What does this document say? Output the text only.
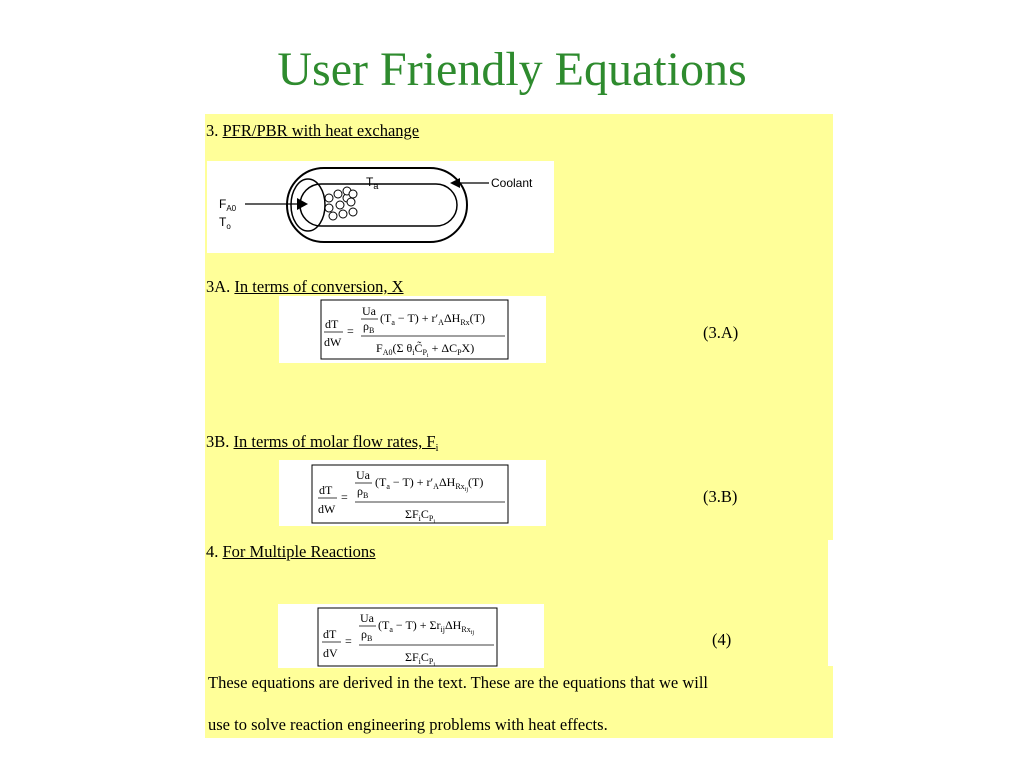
User Friendly Equations
3. PFR/PBR with heat exchange
$T_a$	Coolant
$F_{A0}$
$T_o$
3A. In terms of conversion, X
dT
dW
=
Ua
$\rho_B$
$(T_a - T) + r'_A\Delta H_{Rx}(T)$
$F_{A0}(\Sigma$ $\theta_iC̃_Pi + \Delta C_PX$)
(3.A)
3B. In terms of molar flow rates, $F_i$
dT
dW
=
Ua
$\rho_B$
$(T_a - T) + r'_A\Delta H_{Rx}ij(T)$
$\Sigma F_iC_Pi$
(3.B)
4. For Multiple Reactions
dT
dV
=
Ua
$\rho_B$
$(T_a - T) + \Sigma r_{ij}\Delta H_{Rx}ij$
$\Sigma F_iC_Pi$
(4)
These equations are derived in the text. These are the equations that we will
use to solve reaction engineering problems with heat effects.
